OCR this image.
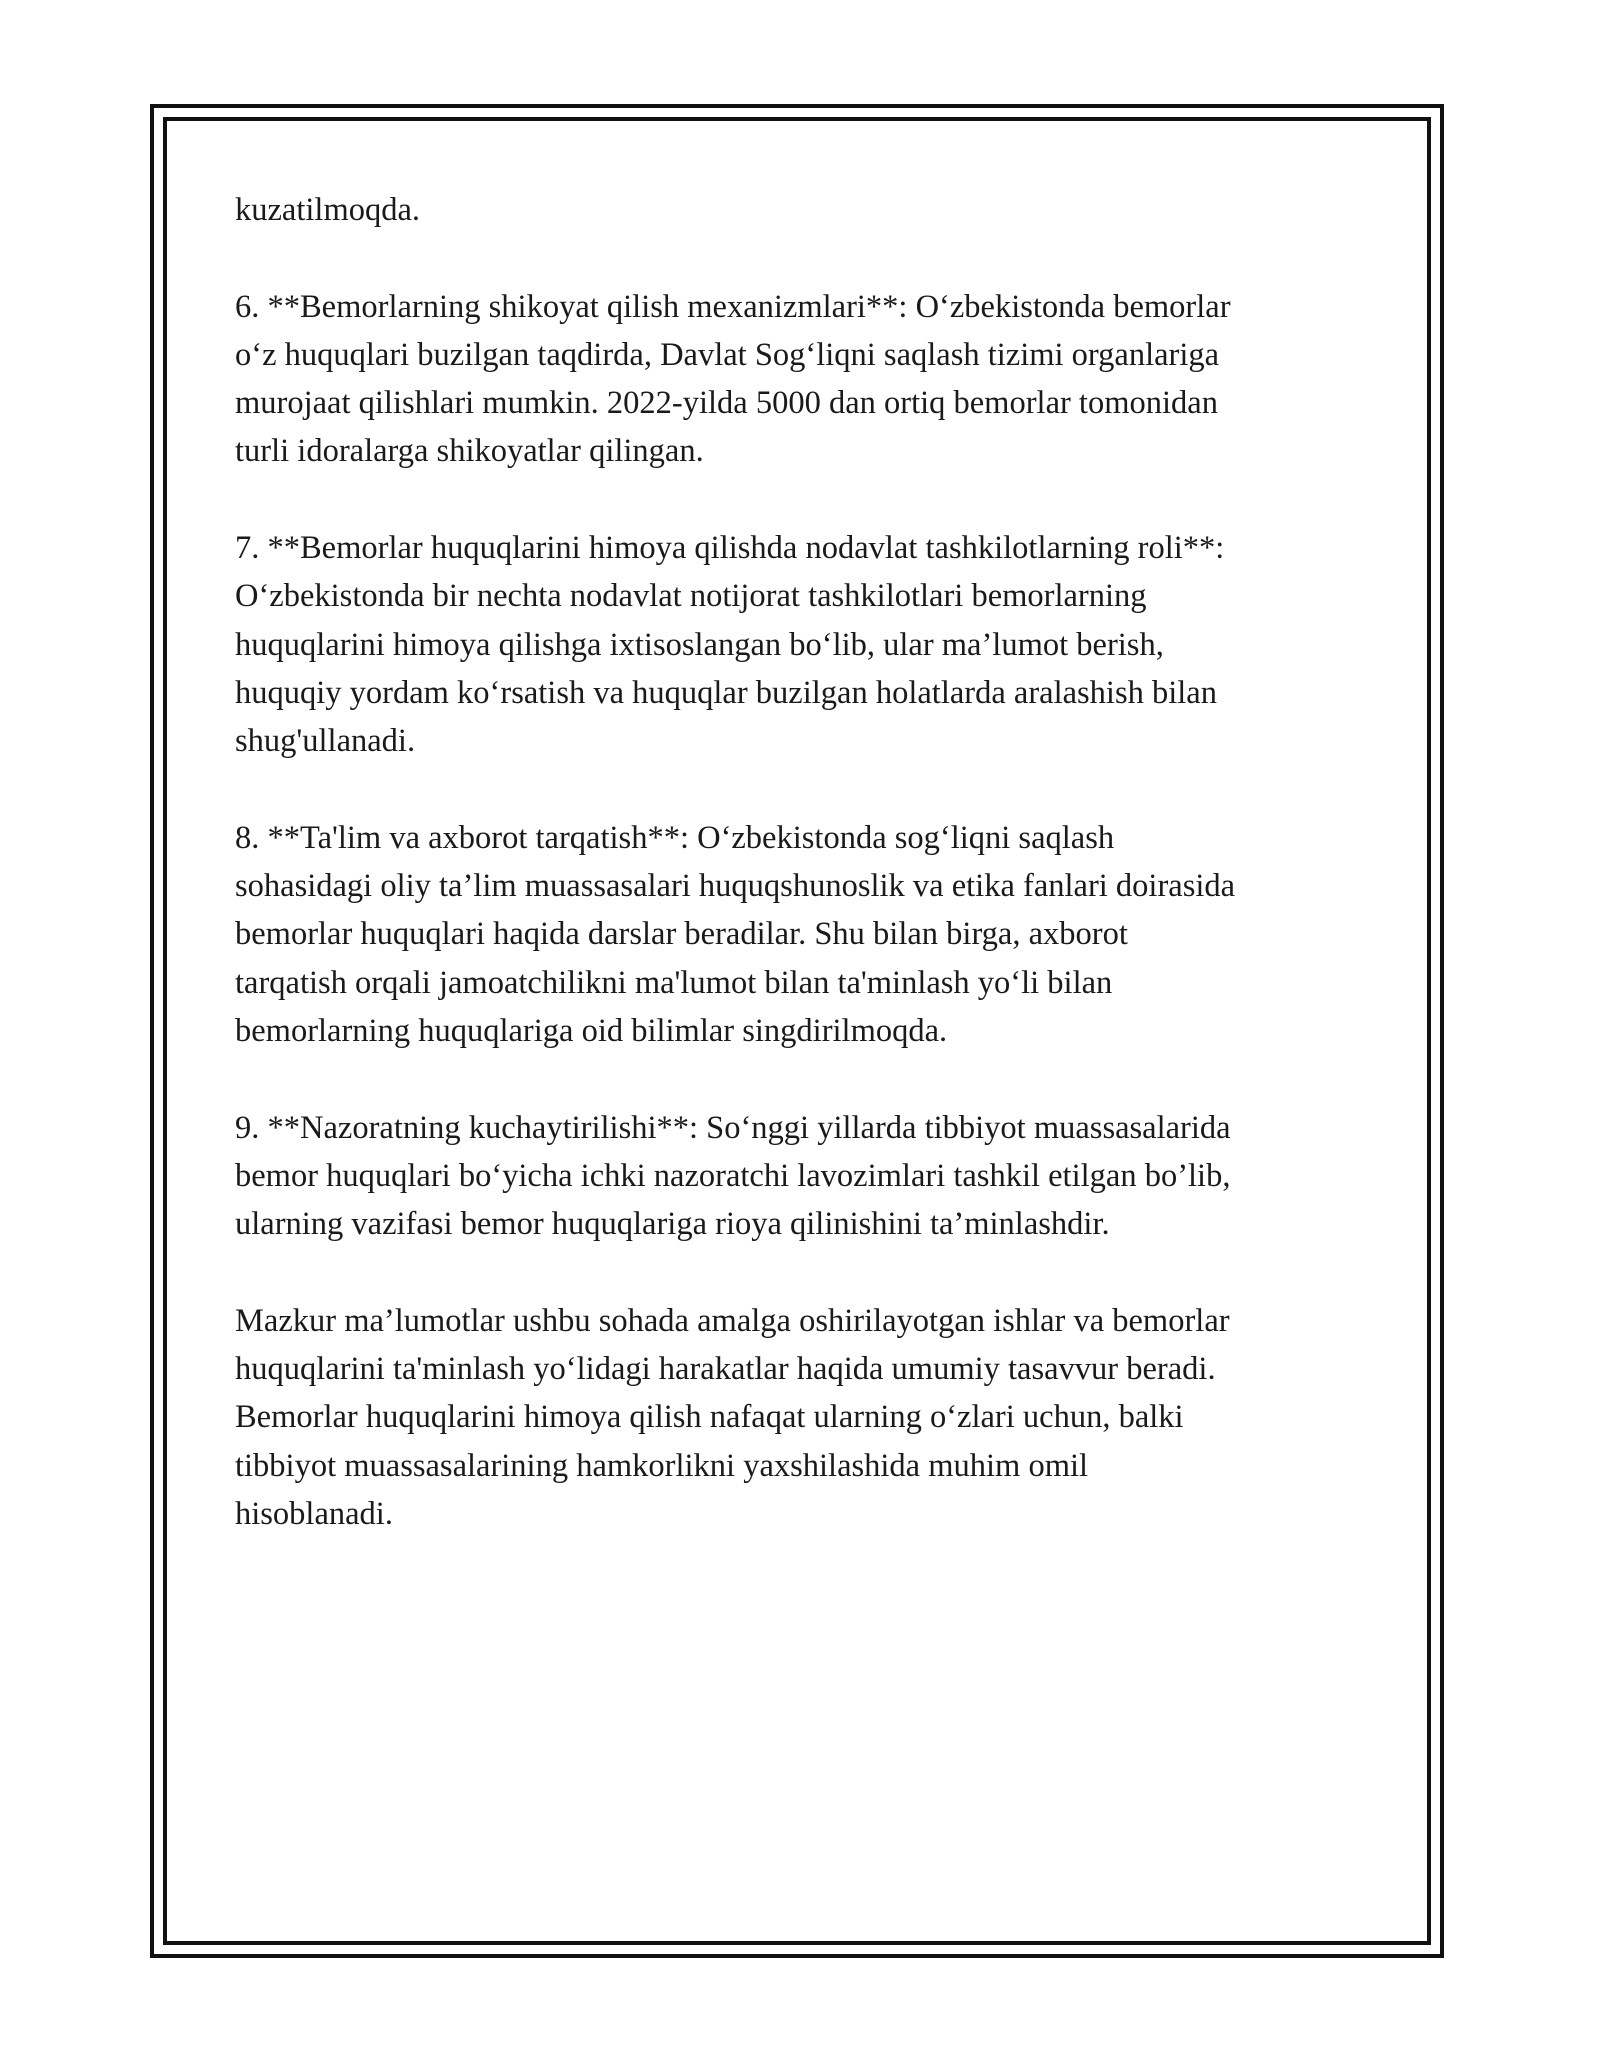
kuzatilmoqda.

6. **Bemorlarning shikoyat qilish mexanizmlari**: O‘zbekistonda bemorlar
o‘z huquqlari buzilgan taqdirda, Davlat Sog‘liqni saqlash tizimi organlariga
murojaat qilishlari mumkin. 2022-yilda 5000 dan ortiq bemorlar tomonidan
turli idoralarga shikoyatlar qilingan.

7. **Bemorlar huquqlarini himoya qilishda nodavlat tashkilotlarning roli**:
O‘zbekistonda bir nechta nodavlat notijorat tashkilotlari bemorlarning
huquqlarini himoya qilishga ixtisoslangan bo‘lib, ular ma’lumot berish,
huquqiy yordam ko‘rsatish va huquqlar buzilgan holatlarda aralashish bilan
shug'ullanadi.

8. **Ta'lim va axborot tarqatish**: O‘zbekistonda sog‘liqni saqlash
sohasidagi oliy ta’lim muassasalari huquqshunoslik va etika fanlari doirasida
bemorlar huquqlari haqida darslar beradilar. Shu bilan birga, axborot
tarqatish orqali jamoatchilikni ma'lumot bilan ta'minlash yo‘li bilan
bemorlarning huquqlariga oid bilimlar singdirilmoqda.

9. **Nazoratning kuchaytirilishi**: So‘nggi yillarda tibbiyot muassasalarida
bemor huquqlari bo‘yicha ichki nazoratchi lavozimlari tashkil etilgan bo’lib,
ularning vazifasi bemor huquqlariga rioya qilinishini ta’minlashdir.

Mazkur ma’lumotlar ushbu sohada amalga oshirilayotgan ishlar va bemorlar
huquqlarini ta'minlash yo‘lidagi harakatlar haqida umumiy tasavvur beradi.
Bemorlar huquqlarini himoya qilish nafaqat ularning o‘zlari uchun, balki
tibbiyot muassasalarining hamkorlikni yaxshilashida muhim omil
hisoblanadi.
